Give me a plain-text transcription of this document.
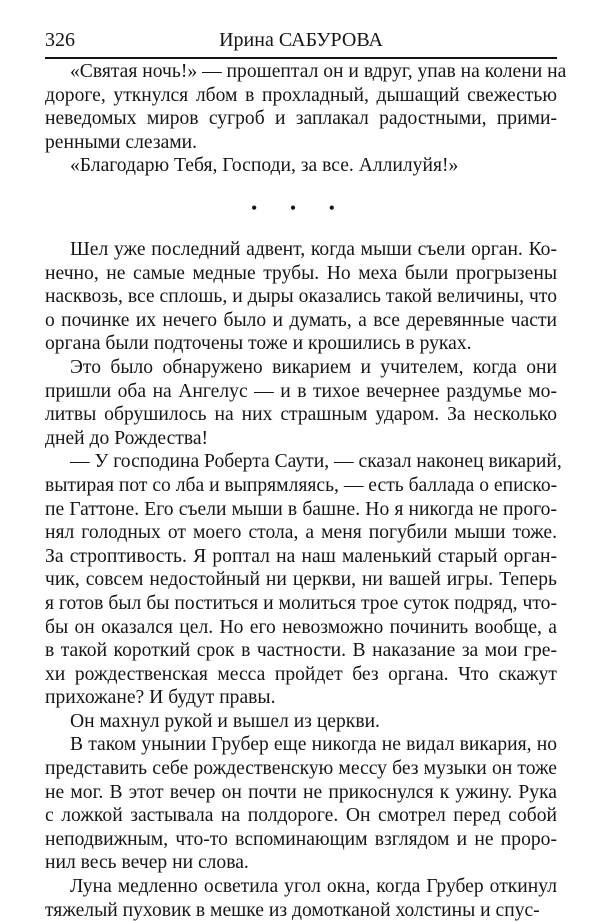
326	Ирина САБУРОВА
«Святая ночь!» — прошептал он и вдруг, упав на колени на
дороге, уткнулся лбом в прохладный, дышащий свежестью
неведомых миров сугроб и заплакал радостными, прими-
ренными слезами.
«Благодарю Тебя, Господи, за все. Аллилуйя!»
• • •
Шел уже последний адвент, когда мыши съели орган. Ко-
нечно, не самые медные трубы. Но меха были прогрызены
насквозь, все сплошь, и дыры оказались такой величины, что
о починке их нечего было и думать, а все деревянные части
органа были подточены тоже и крошились в руках.
Это было обнаружено викарием и учителем, когда они
пришли оба на Ангелус — и в тихое вечернее раздумье мо-
литвы обрушилось на них страшным ударом. За несколько
дней до Рождества!
— У господина Роберта Саути, — сказал наконец викарий,
вытирая пот со лба и выпрямляясь, — есть баллада о еписко-
пе Гаттоне. Его съели мыши в башне. Но я никогда не прого-
нял голодных от моего стола, а меня погубили мыши тоже.
За строптивость. Я роптал на наш маленький старый орган-
чик, совсем недостойный ни церкви, ни вашей игры. Теперь
я готов был бы поститься и молиться трое суток подряд, что-
бы он оказался цел. Но его невозможно починить вообще, а
в такой короткий срок в частности. В наказание за мои гре-
хи рождественская месса пройдет без органа. Что скажут
прихожане? И будут правы.
Он махнул рукой и вышел из церкви.
В таком унынии Грубер еще никогда не видал викария, но
представить себе рождественскую мессу без музыки он тоже
не мог. В этот вечер он почти не прикоснулся к ужину. Рука
с ложкой застывала на полдороге. Он смотрел перед собой
неподвижным, что-то вспоминающим взглядом и не проро-
нил весь вечер ни слова.
Луна медленно осветила угол окна, когда Грубер откинул
тяжелый пуховик в мешке из домотканой холстины и спус-
